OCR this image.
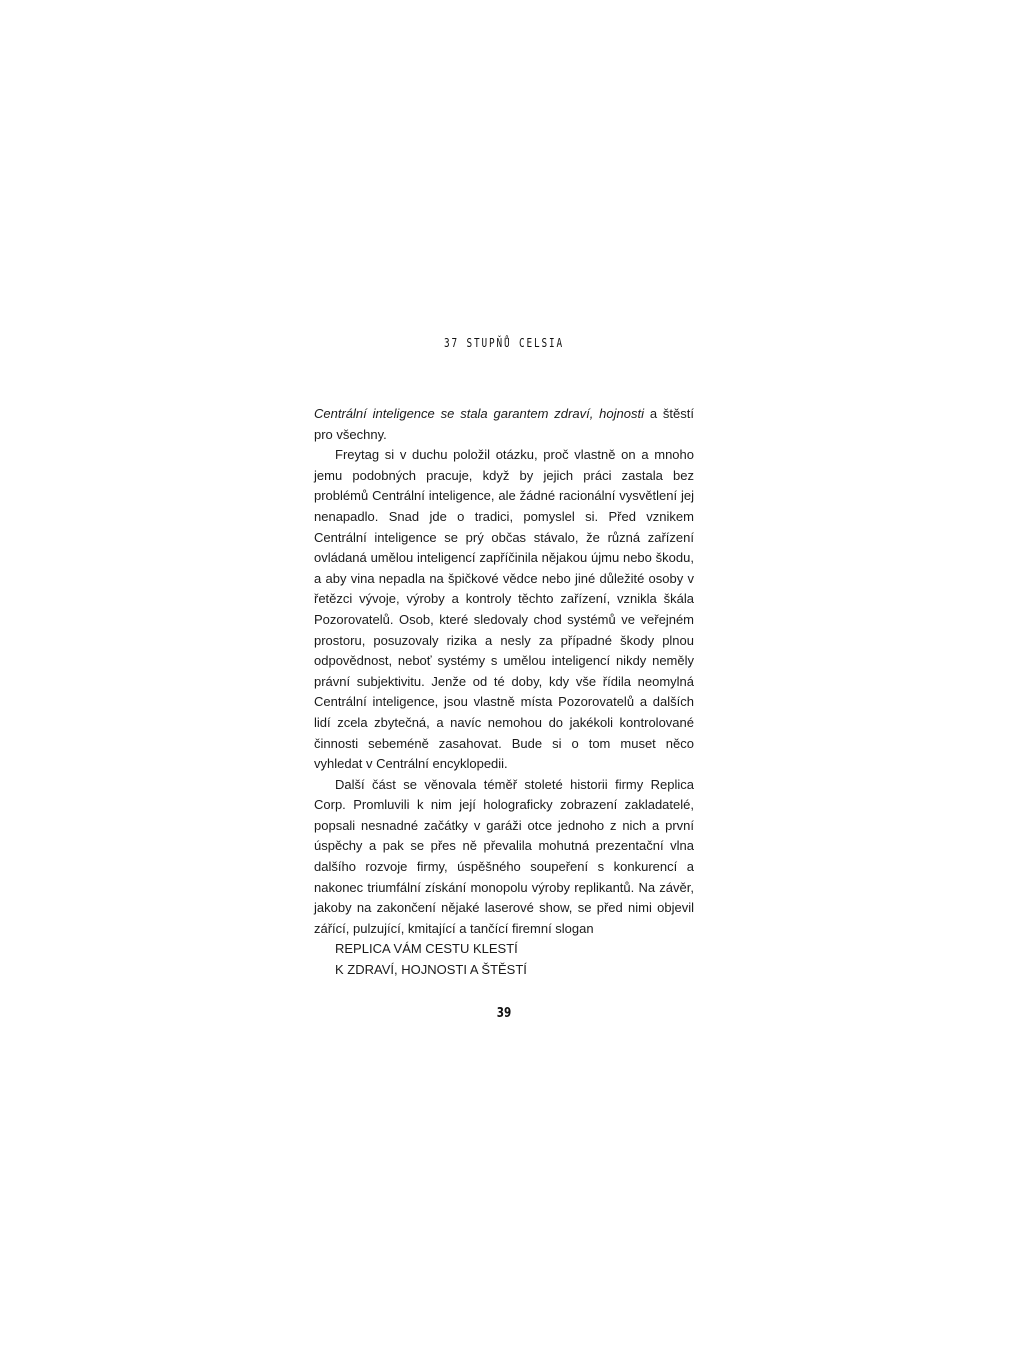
37 STUPŇŮ CELSIA

Centrální inteligence se stala garantem zdraví, hojnosti a štěstí pro všechny.

Freytag si v duchu položil otázku, proč vlastně on a mnoho jemu podobných pracuje, když by jejich práci zastala bez problémů Centrální inteligence, ale žádné racionální vysvětlení jej nenapadlo. Snad jde o tradici, pomyslel si. Před vznikem Centrální inteligence se prý občas stávalo, že různá zařízení ovládaná umělou inteligencí zapříčinila nějakou újmu nebo škodu, a aby vina nepadla na špičkové vědce nebo jiné důležité osoby v řetězci vývoje, výroby a kontroly těchto zařízení, vznikla škála Pozorovatelů. Osob, které sledovaly chod systémů ve veřejném prostoru, posuzovaly rizika a nesly za případné škody plnou odpovědnost, neboť systémy s umělou inteligencí nikdy neměly právní subjektivitu. Jenže od té doby, kdy vše řídila neomylná Centrální inteligence, jsou vlastně místa Pozorovatelů a dalších lidí zcela zbytečná, a navíc nemohou do jakékoli kontrolované činnosti sebeméně zasahovat. Bude si o tom muset něco vyhledat v Centrální encyklopedii.

Další část se věnovala téměř stoleté historii firmy Replica Corp. Promluvili k nim její holograficky zobrazení zakladatelé, popsali nesnadné začátky v garáži otce jednoho z nich a první úspěchy a pak se přes ně převalila mohutná prezentační vlna dalšího rozvoje firmy, úspěšného soupeření s konkurencí a nakonec triumfální získání monopolu výroby replikantů. Na závěr, jakoby na zakončení nějaké laserové show, se před nimi objevil zářící, pulzující, kmitající a tančící firemní slogan

REPLICA VÁM CESTU KLESTÍ

K ZDRAVÍ, HOJNOSTI A ŠTĚSTÍ

39
